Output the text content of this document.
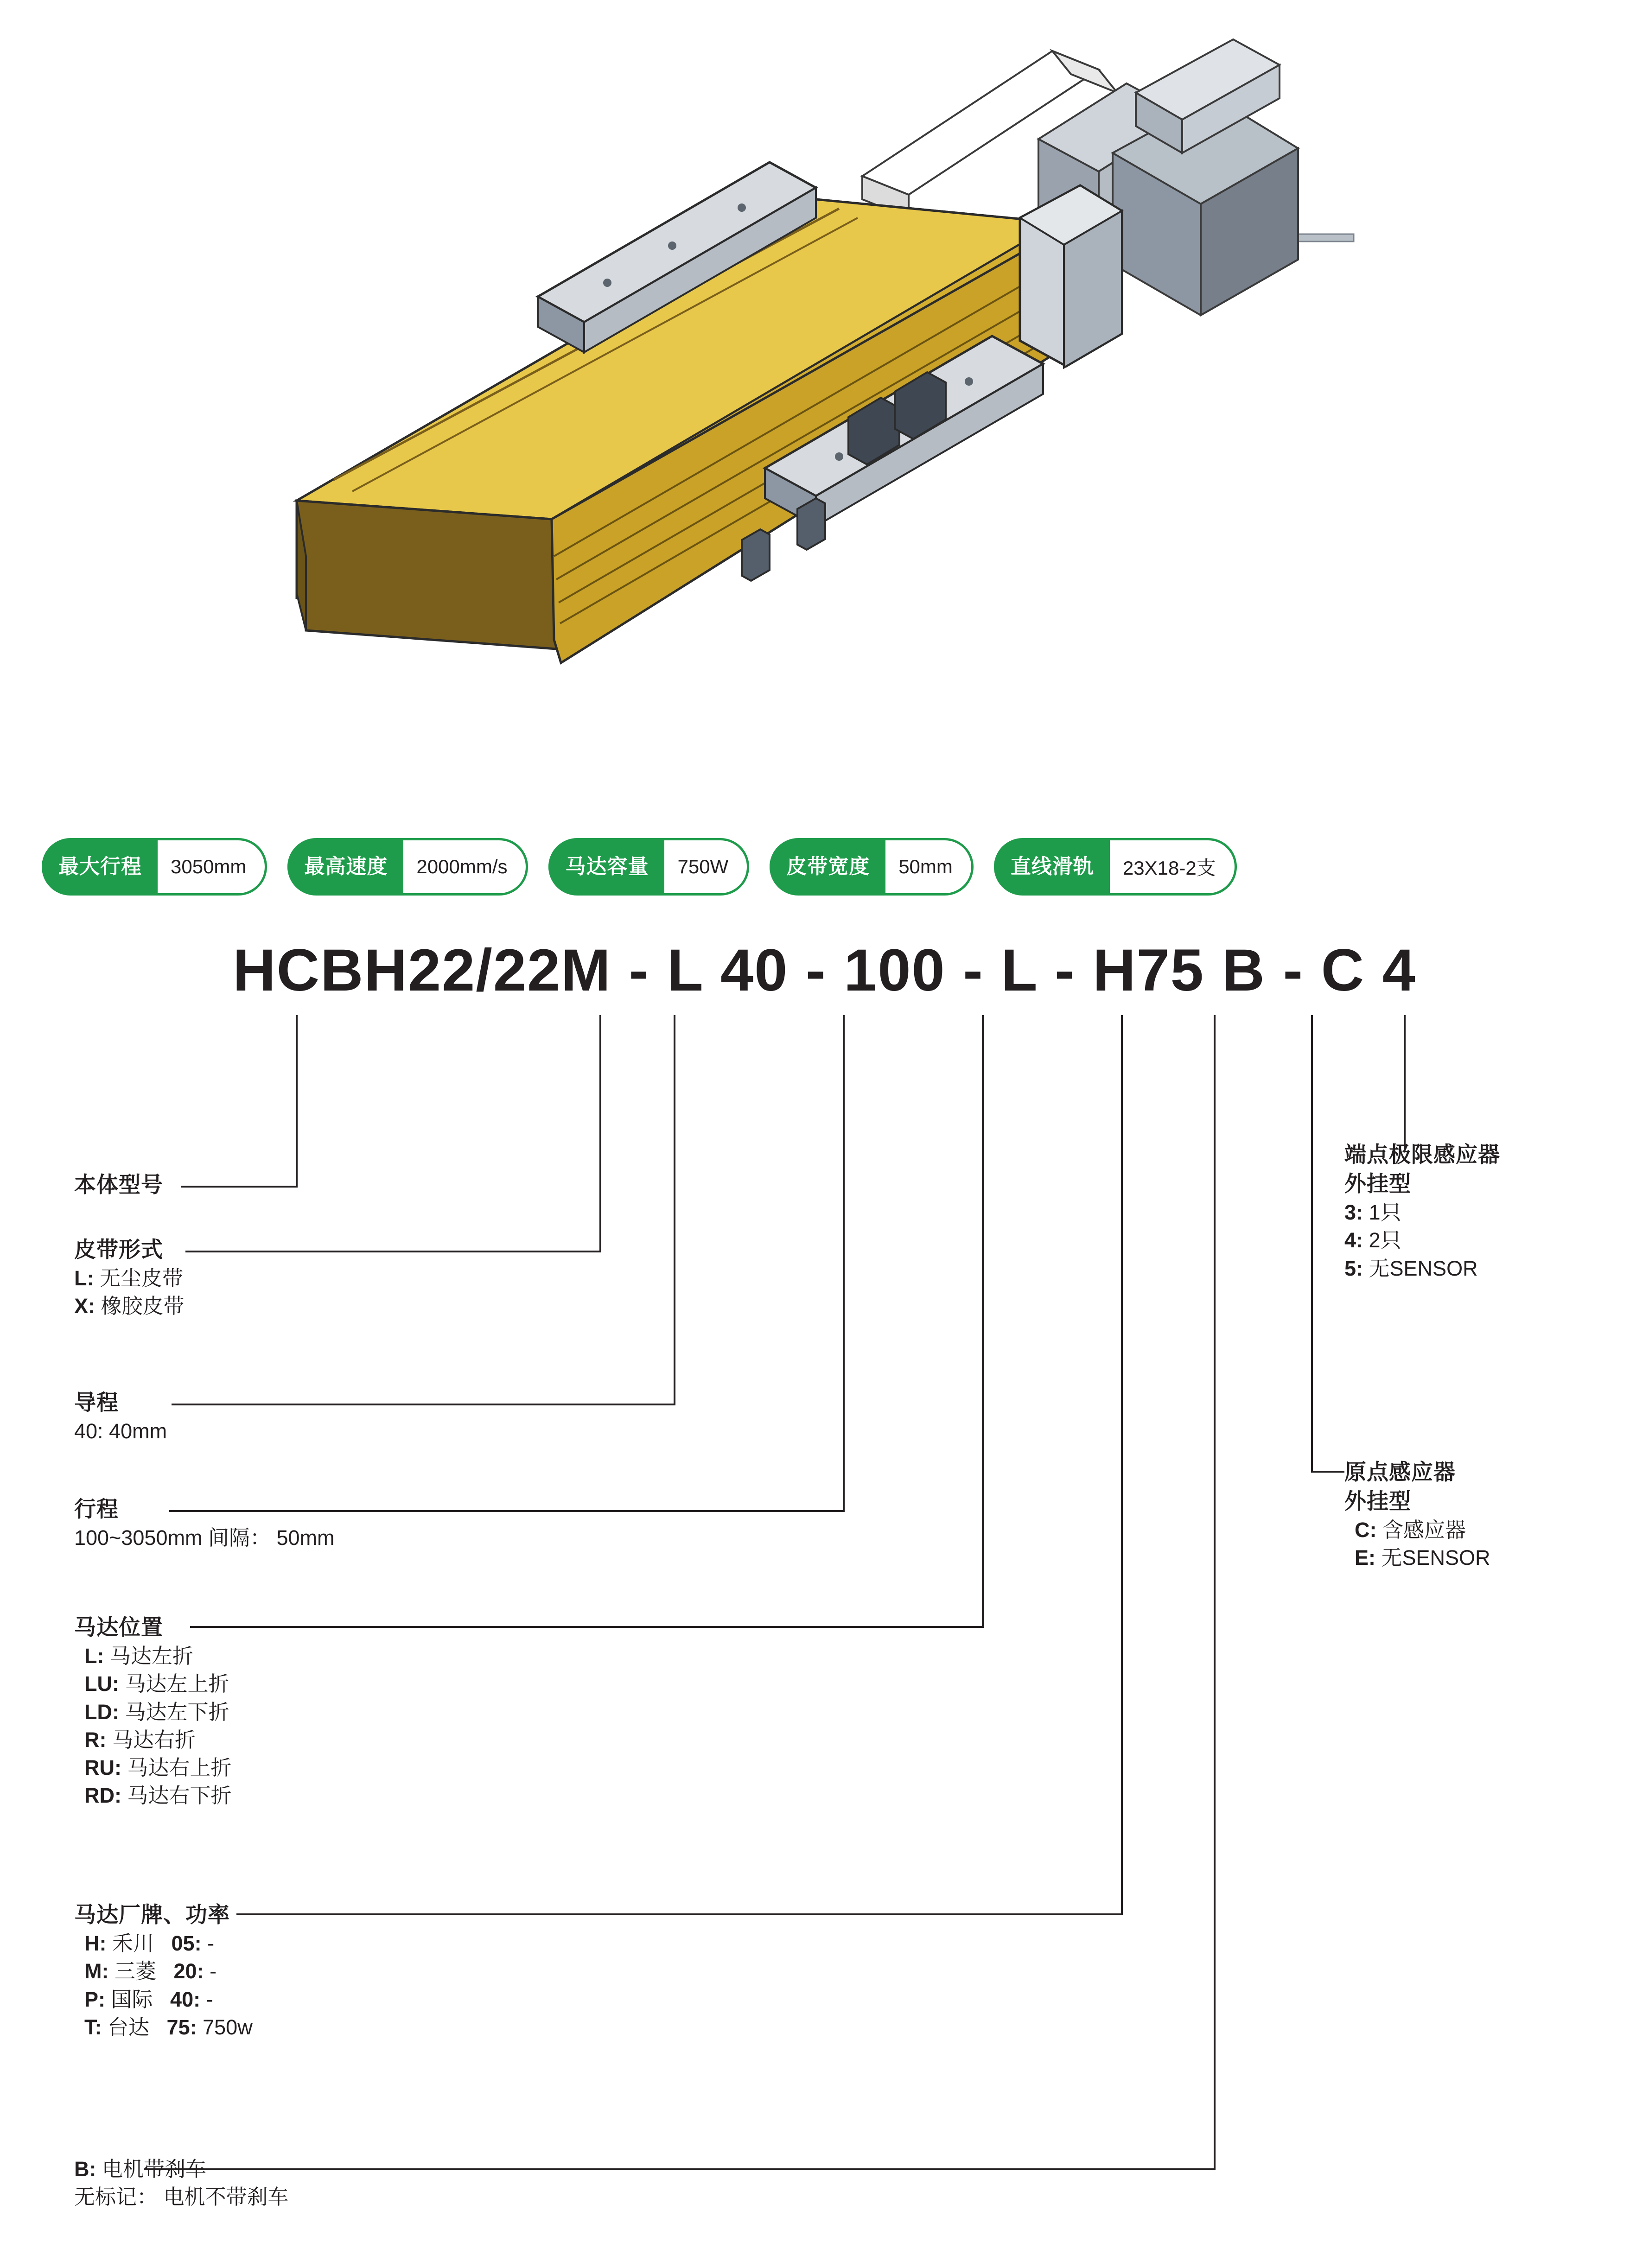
最大行程	3050mm	最高速度	2000mm/s	马达容量	750W	皮带宽度	50mm	直线滑轨	23X18-2支
HCBH22/22M - L 40 - 100 - L - H75 B - C 4
本体型号
皮带形式
L: 无尘皮带
X: 橡胶皮带
导程
40: 40mm
行程
100~3050mm 间隔： 50mm
马达位置
L: 马达左折
LU: 马达左上折
LD: 马达左下折
R: 马达右折
RU: 马达右上折
RD: 马达右下折
马达厂牌、功率
H: 禾川 05: -
M: 三菱 20: -
P: 国际 40: -
T: 台达 75: 750w
B: 电机带刹车
无标记： 电机不带刹车
端点极限感应器
外挂型
3: 1只
4: 2只
5: 无SENSOR
原点感应器
外挂型
C: 含感应器
E: 无SENSOR
